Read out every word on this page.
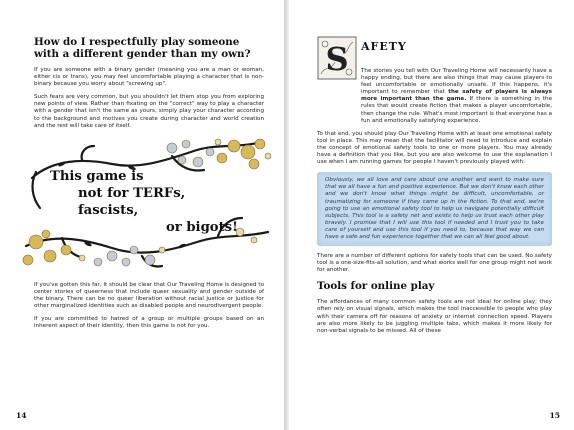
How do I respectfully play someone with a different gender than my own?

If you are someone with a binary gender (meaning you are a man or woman, either cis or trans), you may feel uncomfortable playing a character that is non-binary because you worry about "screwing up".

Such fears are very common, but you shouldn't let them stop you from exploring new points of view. Rather than fixating on the "correct" way to play a character with a gender that isn't the same as yours, simply play your character according to the background and motives you create during character and world creation and the rest will take care of itself.

This game is
not for TERFs, fascists,
or bigots!

If you've gotten this far, it should be clear that Our Traveling Home is designed to center stories of queerness that include queer sexuality and gender outside of the binary. There can be no queer liberation without racial justice or justice for other marginalized identities such as disabled people and neurodivergent people.

If you are committed to hatred of a group or multiple groups based on an inherent aspect of their identity, then this game is not for you.

14
S AFETY

The stories you tell with Our Traveling Home will necessarily have a happy ending, but there are also things that may cause players to feel uncomfortable or emotionally unsafe. If this happens, it's important to remember that the safety of players is always more important than the game. If there is something in the rules that would create fiction that makes a player uncomfortable, then change the rule. What's most important is that everyone has a fun and emotionally satisfying experience.

To that end, you should play Our Traveling Home with at least one emotional safety tool in place. This may mean that the facilitator will need to introduce and explain the concept of emotional safety tools to one or more players. You may already have a definition that you like, but you are also welcome to use the explanation I use when I am running games for people I haven't previously played with:

Obviously, we all love and care about one another and want to make sure that we all have a fun and positive experience. But we don't know each other and we don't know what things might be difficult, uncomfortable, or traumatizing for someone if they came up in the fiction. To that end, we're going to use an emotional safety tool to help us navigate potentially difficult subjects. This tool is a safety net and exists to help us trust each other play bravely. I promise that I will use this tool if needed and I trust you to take care of yourself and use this tool if you need to, because that way we can have a safe and fun experience together that we can all feel good about.

There are a number of different options for safety tools that can be used. No safety tool is a one-size-fits-all solution, and what works well for one group might not work for another.

Tools for online play

The affordances of many common safety tools are not ideal for online play; they often rely on visual signals, which makes the tool inaccessible to people who play with their camera off for reasons of anxiety or internet connection speed. Players are also more likely to be juggling multiple tabs, which makes it more likely for non-verbal signals to be missed. All of these

15
